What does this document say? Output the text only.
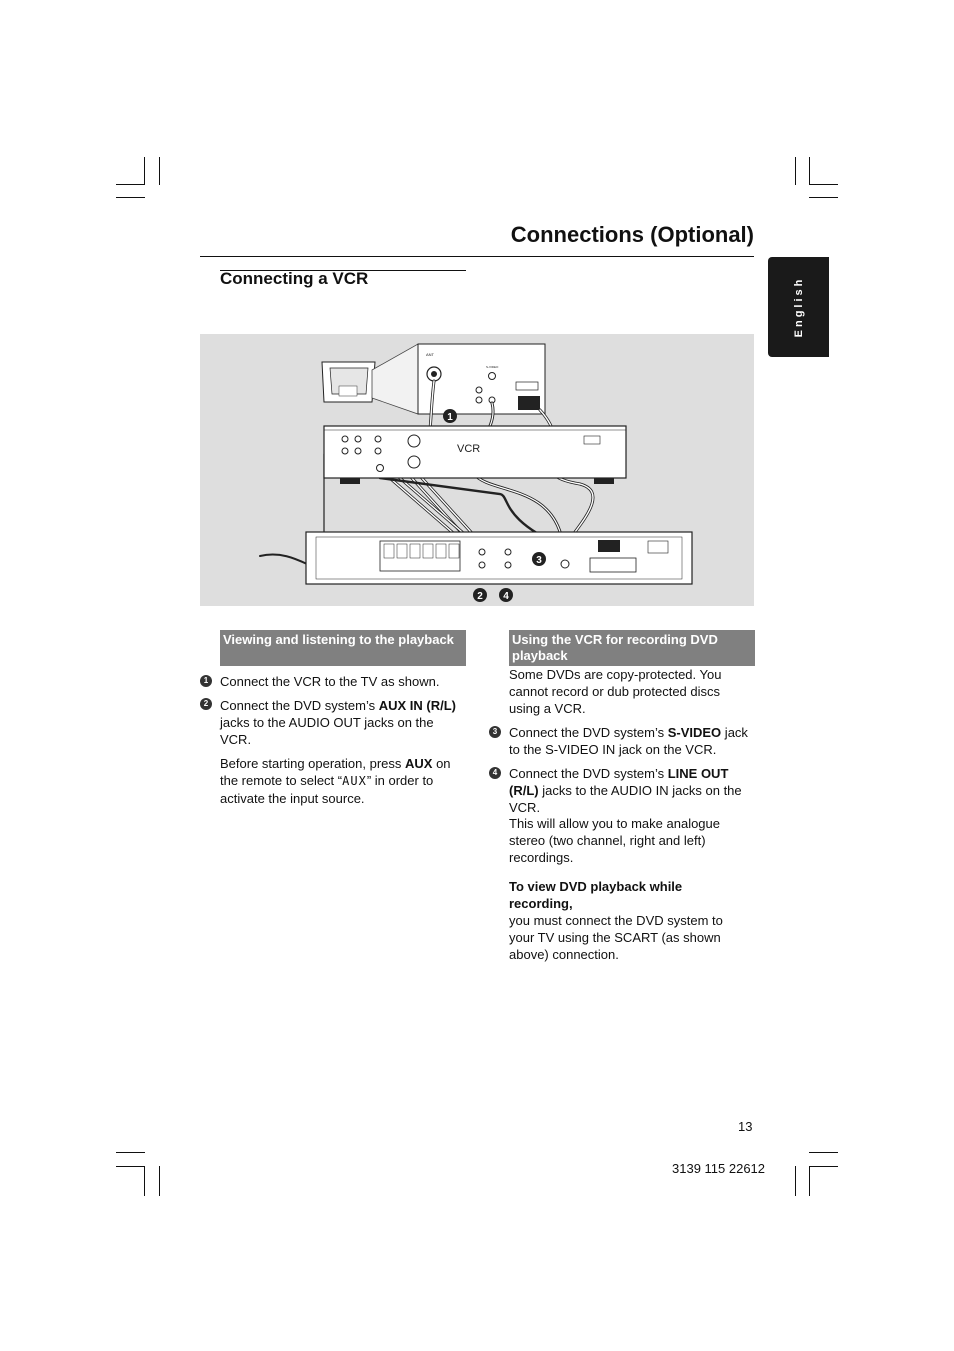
Connections (Optional)
Connecting a VCR	English
ANT
S-VIDEO
VCR
1
3
2 4
Viewing and listening to the playback
1 Connect the VCR to the TV as shown.
2 Connect the DVD system’s AUX IN (R/L) jacks to the AUDIO OUT jacks on the VCR.
Before starting operation, press AUX on the remote to select “AUX” in order to activate the input source.
Using the VCR for recording DVD playback
Some DVDs are copy-protected. You cannot record or dub protected discs using a VCR.
3 Connect the DVD system’s S-VIDEO jack to the S-VIDEO IN jack on the VCR.
4 Connect the DVD system’s LINE OUT (R/L) jacks to the AUDIO IN jacks on the VCR.
This will allow you to make analogue stereo (two channel, right and left) recordings.
To view DVD playback while recording,
you must connect the DVD system to your TV using the SCART (as shown above) connection.
13
3139 115 22612
